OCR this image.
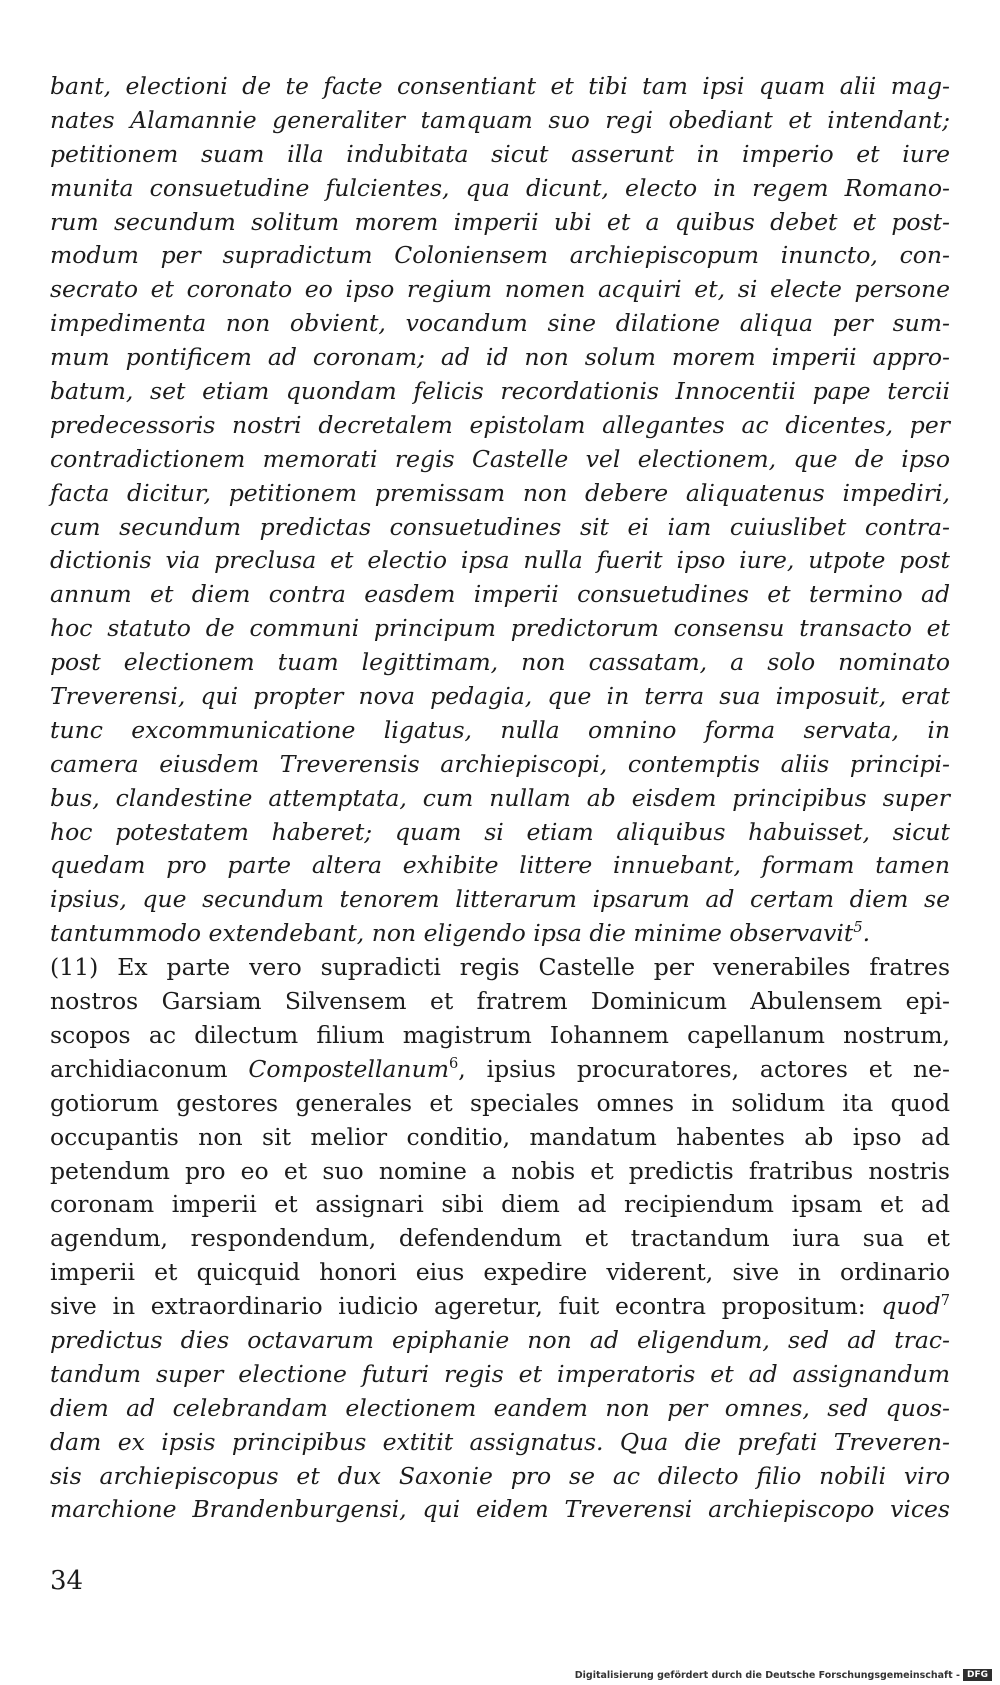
bant, electioni de te facte consentiant et tibi tam ipsi quam alii mag-
nates Alamannie generaliter tamquam suo regi obediant et intendant;
petitionem suam illa indubitata sicut asserunt in imperio et iure
munita consuetudine fulcientes, qua dicunt, electo in regem Romano-
rum secundum solitum morem imperii ubi et a quibus debet et post-
modum per supradictum Coloniensem archiepiscopum inuncto, con-
secrato et coronato eo ipso regium nomen acquiri et, si electe persone
impedimenta non obvient, vocandum sine dilatione aliqua per sum-
mum pontificem ad coronam; ad id non solum morem imperii appro-
batum, set etiam quondam felicis recordationis Innocentii pape tercii
predecessoris nostri decretalem epistolam allegantes ac dicentes, per
contradictionem memorati regis Castelle vel electionem, que de ipso
facta dicitur, petitionem premissam non debere aliquatenus impediri,
cum secundum predictas consuetudines sit ei iam cuiuslibet contra-
dictionis via preclusa et electio ipsa nulla fuerit ipso iure, utpote post
annum et diem contra easdem imperii consuetudines et termino ad
hoc statuto de communi principum predictorum consensu transacto et
post electionem tuam legittimam, non cassatam, a solo nominato
Treverensi, qui propter nova pedagia, que in terra sua imposuit, erat
tunc excommunicatione ligatus, nulla omnino forma servata, in
camera eiusdem Treverensis archiepiscopi, contemptis aliis principi-
bus, clandestine attemptata, cum nullam ab eisdem principibus super
hoc potestatem haberet; quam si etiam aliquibus habuisset, sicut
quedam pro parte altera exhibite littere innuebant, formam tamen
ipsius, que secundum tenorem litterarum ipsarum ad certam diem se
tantummodo extendebant, non eligendo ipsa die minime observavit$^5$.
(11) Ex parte vero supradicti regis Castelle per venerabiles fratres
nostros Garsiam Silvensem et fratrem Dominicum Abulensem epi-
scopos ac dilectum filium magistrum Iohannem capellanum nostrum,
archidiaconum Compostellanum$^6$, ipsius procuratores, actores et ne-
gotiorum gestores generales et speciales omnes in solidum ita quod
occupantis non sit melior conditio, mandatum habentes ab ipso ad
petendum pro eo et suo nomine a nobis et predictis fratribus nostris
coronam imperii et assignari sibi diem ad recipiendum ipsam et ad
agendum, respondendum, defendendum et tractandum iura sua et
imperii et quicquid honori eius expedire viderent, sive in ordinario
sive in extraordinario iudicio ageretur, fuit econtra propositum: quod$^7$
predictus dies octavarum epiphanie non ad eligendum, sed ad trac-
tandum super electione futuri regis et imperatoris et ad assignandum
diem ad celebrandam electionem eandem non per omnes, sed quos-
dam ex ipsis principibus extitit assignatus. Qua die prefati Treveren-
sis archiepiscopus et dux Saxonie pro se ac dilecto filio nobili viro
marchione Brandenburgensi, qui eidem Treverensi archiepiscopo vices
34
Digitalisierung gefördert durch die Deutsche Forschungsgemeinschaft - DFG
